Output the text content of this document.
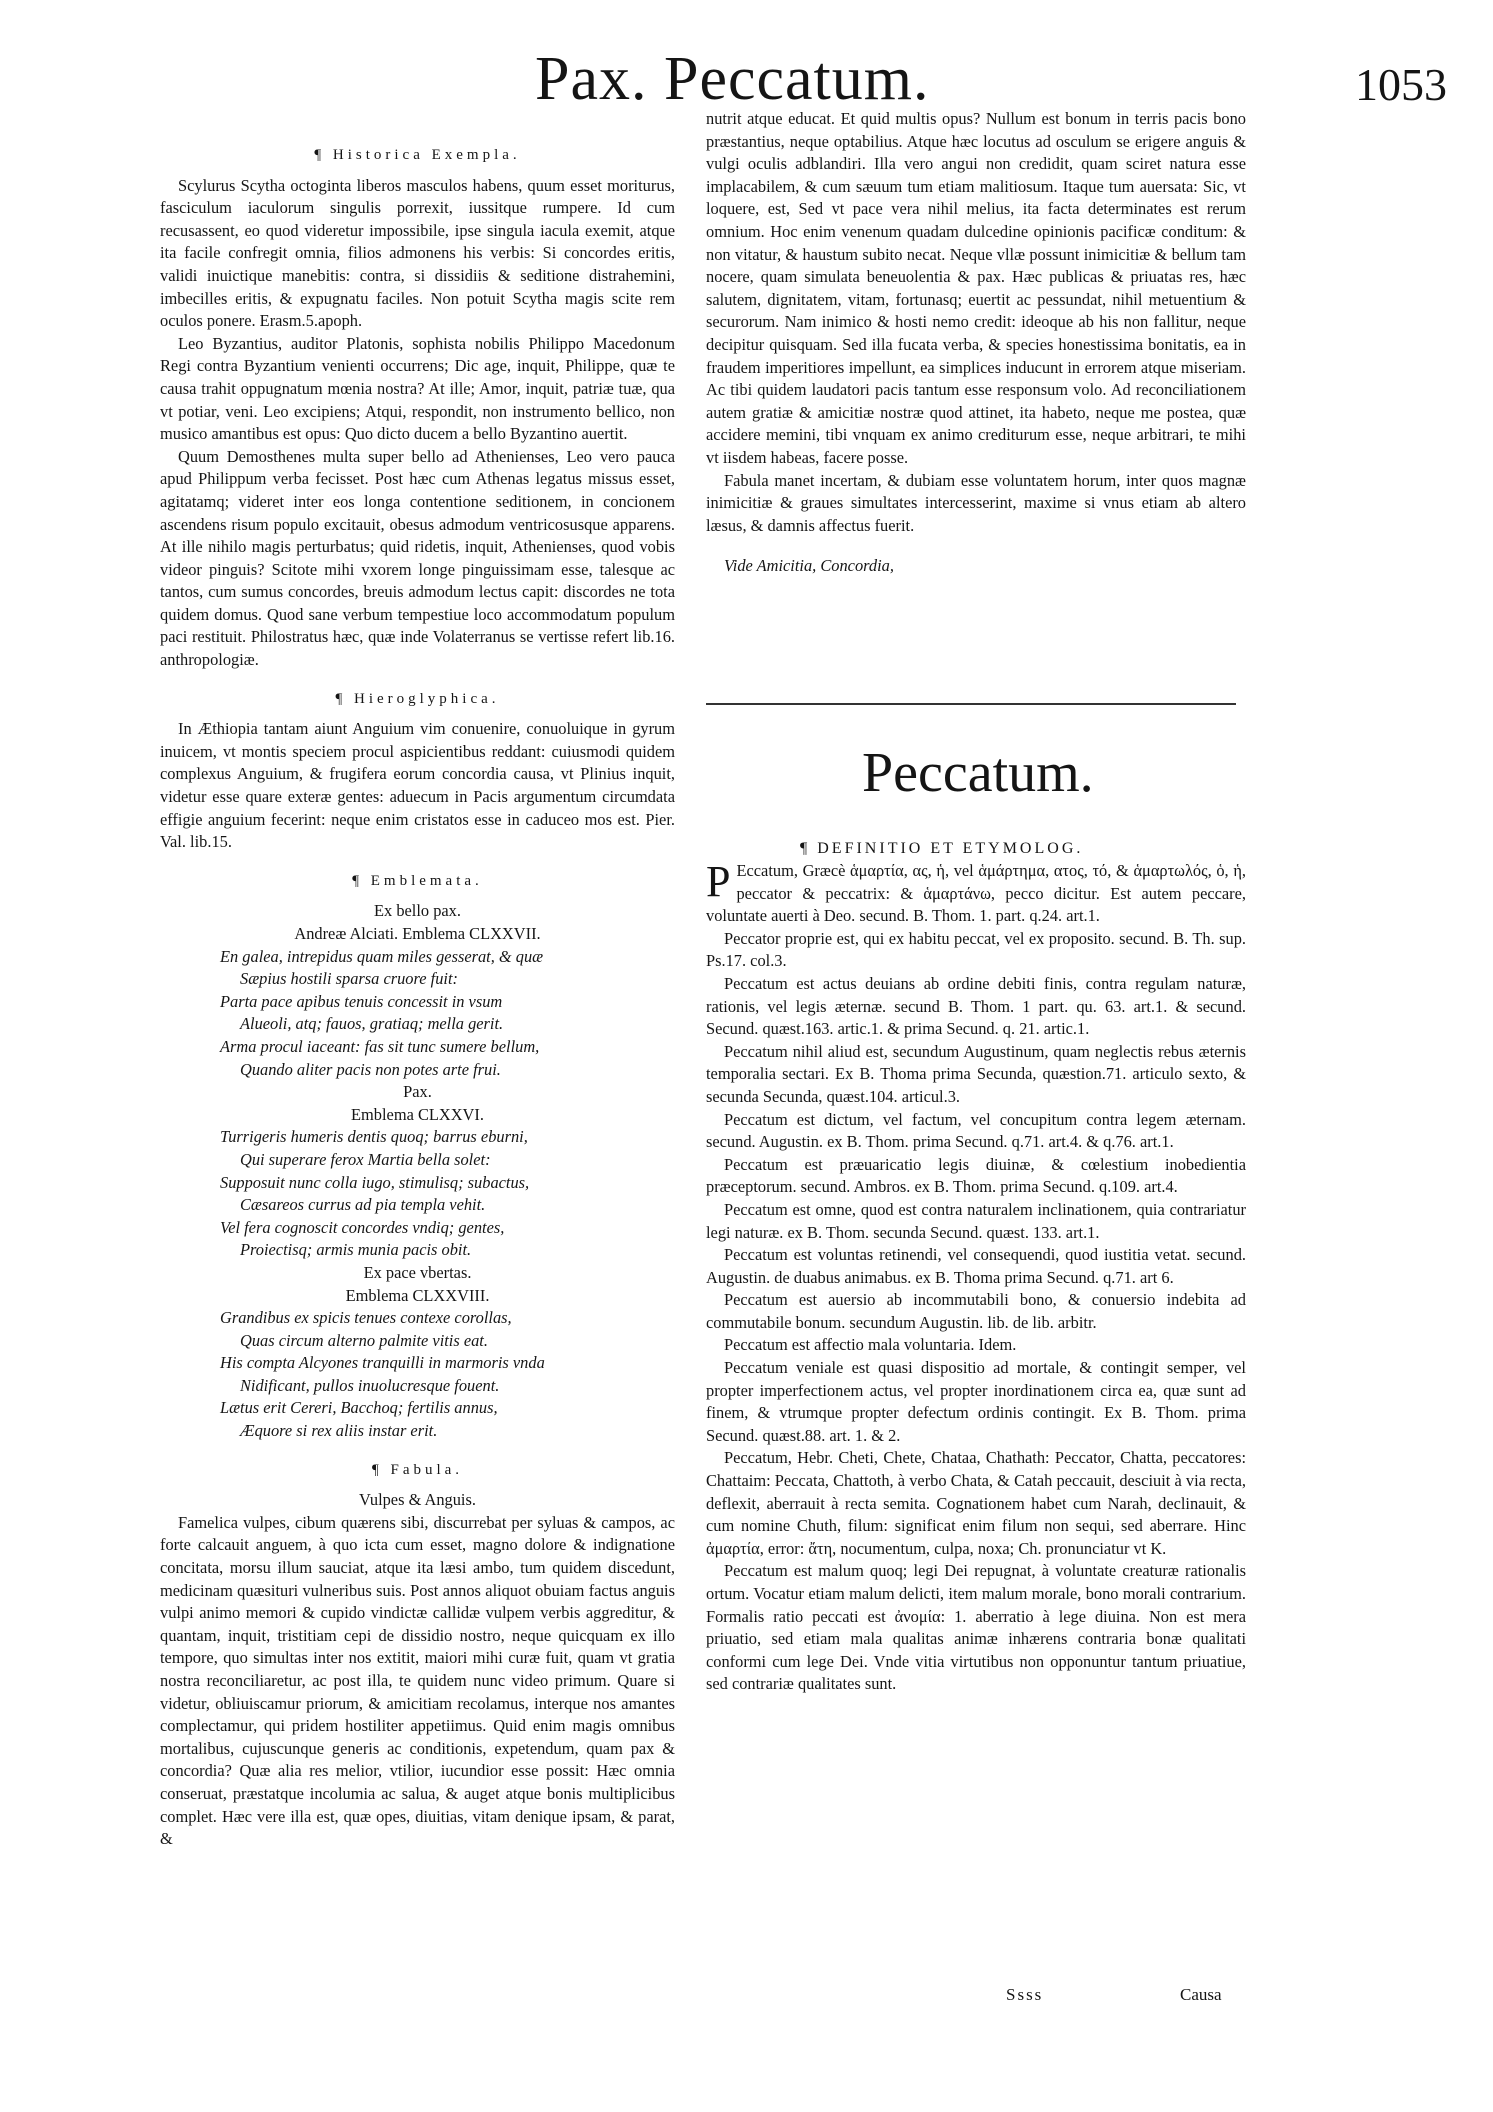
Pax. Peccatum.	1053
¶ Historica Exempla.

Scylurus Scytha octoginta liberos masculos habens, quum esset moriturus, fasciculum iaculorum singulis porrexit, iussitque rumpere. Id cum recusassent, eo quod videretur impossibile, ipse singula iacula exemit, atque ita facile confregit omnia, filios admonens his verbis: Si concordes eritis, validi inuictique manebitis: contra, si dissidiis & seditione distrahemini, imbecilles eritis, & expugnatu faciles. Non potuit Scytha magis scite rem oculos ponere. Erasm.5.apoph.

Leo Byzantius, auditor Platonis, sophista nobilis Philippo Macedonum Regi contra Byzantium venienti occurrens; Dic age, inquit, Philippe, quæ te causa trahit oppugnatum mœnia nostra? At ille; Amor, inquit, patriæ tuæ, qua vt potiar, veni. Leo excipiens; Atqui, respondit, non instrumento bellico, non musico amantibus est opus: Quo dicto ducem a bello Byzantino auertit.

Quum Demosthenes multa super bello ad Athenienses, Leo vero pauca apud Philippum verba fecisset. Post hæc cum Athenas legatus missus esset, agitatamq; videret inter eos longa contentione seditionem, in concionem ascendens risum populo excitauit, obesus admodum ventricosusque apparens. At ille nihilo magis perturbatus; quid ridetis, inquit, Athenienses, quod vobis videor pinguis? Scitote mihi vxorem longe pinguissimam esse, talesque ac tantos, cum sumus concordes, breuis admodum lectus capit: discordes ne tota quidem domus. Quod sane verbum tempestiue loco accommodatum populum paci restituit. Philostratus hæc, quæ inde Volaterranus se vertisse refert lib.16. anthropologiæ.

¶ Hieroglyphica.

In Æthiopia tantam aiunt Anguium vim conuenire, conuoluique in gyrum inuicem, vt montis speciem procul aspicientibus reddant: cuiusmodi quidem complexus Anguium, & frugifera eorum concordia causa, vt Plinius inquit, videtur esse quare exteræ gentes: aduecum in Pacis argumentum circumdata effigie anguium fecerint: neque enim cristatos esse in caduceo mos est. Pier. Val. lib.15.

¶ Emblemata.

Ex bello pax.

Andreæ Alciati. Emblema CLXXVII.

En galea, intrepidus quam miles gesserat, & quæ

Sæpius hostili sparsa cruore fuit:

Parta pace apibus tenuis concessit in vsum

Alueoli, atq; fauos, gratiaq; mella gerit.

Arma procul iaceant: fas sit tunc sumere bellum,

Quando aliter pacis non potes arte frui.

Pax.

Emblema CLXXVI.

Turrigeris humeris dentis quoq; barrus eburni,

Qui superare ferox Martia bella solet:

Supposuit nunc colla iugo, stimulisq; subactus,

Cæsareos currus ad pia templa vehit.

Vel fera cognoscit concordes vndiq; gentes,

Proiectisq; armis munia pacis obit.

Ex pace vbertas.

Emblema CLXXVIII.

Grandibus ex spicis tenues contexe corollas,

Quas circum alterno palmite vitis eat.

His compta Alcyones tranquilli in marmoris vnda

Nidificant, pullos inuolucresque fouent.

Lætus erit Cereri, Bacchoq; fertilis annus,

Æquore si rex aliis instar erit.

¶ Fabula.

Vulpes & Anguis.

Famelica vulpes, cibum quærens sibi, discurrebat per syluas & campos, ac forte calcauit anguem, à quo icta cum esset, magno dolore & indignatione concitata, morsu illum sauciat, atque ita læsi ambo, tum quidem discedunt, medicinam quæsituri vulneribus suis. Post annos aliquot obuiam factus anguis vulpi animo memori & cupido vindictæ callidæ vulpem verbis aggreditur, & quantam, inquit, tristitiam cepi de dissidio nostro, neque quicquam ex illo tempore, quo simultas inter nos extitit, maiori mihi curæ fuit, quam vt gratia nostra reconciliaretur, ac post illa, te quidem nunc video primum. Quare si videtur, obliuiscamur priorum, & amicitiam recolamus, interque nos amantes complectamur, qui pridem hostiliter appetiimus. Quid enim magis omnibus mortalibus, cujuscunque generis ac conditionis, expetendum, quam pax & concordia? Quæ alia res melior, vtilior, iucundior esse possit: Hæc omnia conseruat, præstatque incolumia ac salua, & auget atque bonis multiplicibus complet. Hæc vere illa est, quæ opes, diuitias, vitam denique ipsam, & parat, &

nutrit atque educat. Et quid multis opus? Nullum est bonum in terris pacis bono præstantius, neque optabilius. Atque hæc locutus ad osculum se erigere anguis & vulgi oculis adblandiri. Illa vero angui non credidit, quam sciret natura esse implacabilem, & cum sæuum tum etiam malitiosum. Itaque tum auersata: Sic, vt loquere, est, Sed vt pace vera nihil melius, ita facta determinates est rerum omnium. Hoc enim venenum quadam dulcedine opinionis pacificæ conditum: & non vitatur, & haustum subito necat. Neque vllæ possunt inimicitiæ & bellum tam nocere, quam simulata beneuolentia & pax. Hæc publicas & priuatas res, hæc salutem, dignitatem, vitam, fortunasq; euertit ac pessundat, nihil metuentium & securorum. Nam inimico & hosti nemo credit: ideoque ab his non fallitur, neque decipitur quisquam. Sed illa fucata verba, & species honestissima bonitatis, ea in fraudem imperitiores impellunt, ea simplices inducunt in errorem atque miseriam. Ac tibi quidem laudatori pacis tantum esse responsum volo. Ad reconciliationem autem gratiæ & amicitiæ nostræ quod attinet, ita habeto, neque me postea, quæ accidere memini, tibi vnquam ex animo crediturum esse, neque arbitrari, te mihi vt iisdem habeas, facere posse.

Fabula manet incertam, & dubiam esse voluntatem horum, inter quos magnæ inimicitiæ & graues simultates intercesserint, maxime si vnus etiam ab altero læsus, & damnis affectus fuerit.

Vide Amicitia, Concordia,

Peccatum.
¶ DEFINITIO ET ETYMOLOG.

P Eccatum, Græcè ἁμαρτία, ας, ἡ, vel ἁμάρτημα, ατος, τό, & ἁμαρτωλός, ὁ, ἡ, peccator & peccatrix: & ἁμαρτάνω, pecco dicitur. Est autem peccare, voluntate auerti à Deo. secund. B. Thom. 1. part. q.24. art.1.

Peccator proprie est, qui ex habitu peccat, vel ex proposito. secund. B. Th. sup. Ps.17. col.3.

Peccatum est actus deuians ab ordine debiti finis, contra regulam naturæ, rationis, vel legis æternæ. secund B. Thom. 1 part. qu. 63. art.1. & secund. Secund. quæst.163. artic.1. & prima Secund. q. 21. artic.1.

Peccatum nihil aliud est, secundum Augustinum, quam neglectis rebus æternis temporalia sectari. Ex B. Thoma prima Secunda, quæstion.71. articulo sexto, & secunda Secunda, quæst.104. articul.3.

Peccatum est dictum, vel factum, vel concupitum contra legem æternam. secund. Augustin. ex B. Thom. prima Secund. q.71. art.4. & q.76. art.1.

Peccatum est præuaricatio legis diuinæ, & cœlestium inobedientia præceptorum. secund. Ambros. ex B. Thom. prima Secund. q.109. art.4.

Peccatum est omne, quod est contra naturalem inclinationem, quia contrariatur legi naturæ. ex B. Thom. secunda Secund. quæst. 133. art.1.

Peccatum est voluntas retinendi, vel consequendi, quod iustitia vetat. secund. Augustin. de duabus animabus. ex B. Thoma prima Secund. q.71. art 6.

Peccatum est auersio ab incommutabili bono, & conuersio indebita ad commutabile bonum. secundum Augustin. lib. de lib. arbitr.

Peccatum est affectio mala voluntaria. Idem.

Peccatum veniale est quasi dispositio ad mortale, & contingit semper, vel propter imperfectionem actus, vel propter inordinationem circa ea, quæ sunt ad finem, & vtrumque propter defectum ordinis contingit. Ex B. Thom. prima Secund. quæst.88. art. 1. & 2.

Peccatum, Hebr. Cheti, Chete, Chataa, Chathath: Peccator, Chatta, peccatores: Chattaim: Peccata, Chattoth, à verbo Chata, & Catah peccauit, desciuit à via recta, deflexit, aberrauit à recta semita. Cognationem habet cum Narah, declinauit, & cum nomine Chuth, filum: significat enim filum non sequi, sed aberrare. Hinc ἀμαρτία, error: ἄτη, nocumentum, culpa, noxa; Ch. pronunciatur vt K.

Peccatum est malum quoq; legi Dei repugnat, à voluntate creaturæ rationalis ortum. Vocatur etiam malum delicti, item malum morale, bono morali contrarium. Formalis ratio peccati est ἀνομία: 1. aberratio à lege diuina. Non est mera priuatio, sed etiam mala qualitas animæ inhærens contraria bonæ qualitati conformi cum lege Dei. Vnde vitia virtutibus non opponuntur tantum priuatiue, sed contrariæ qualitates sunt.

Ssss	Causa
